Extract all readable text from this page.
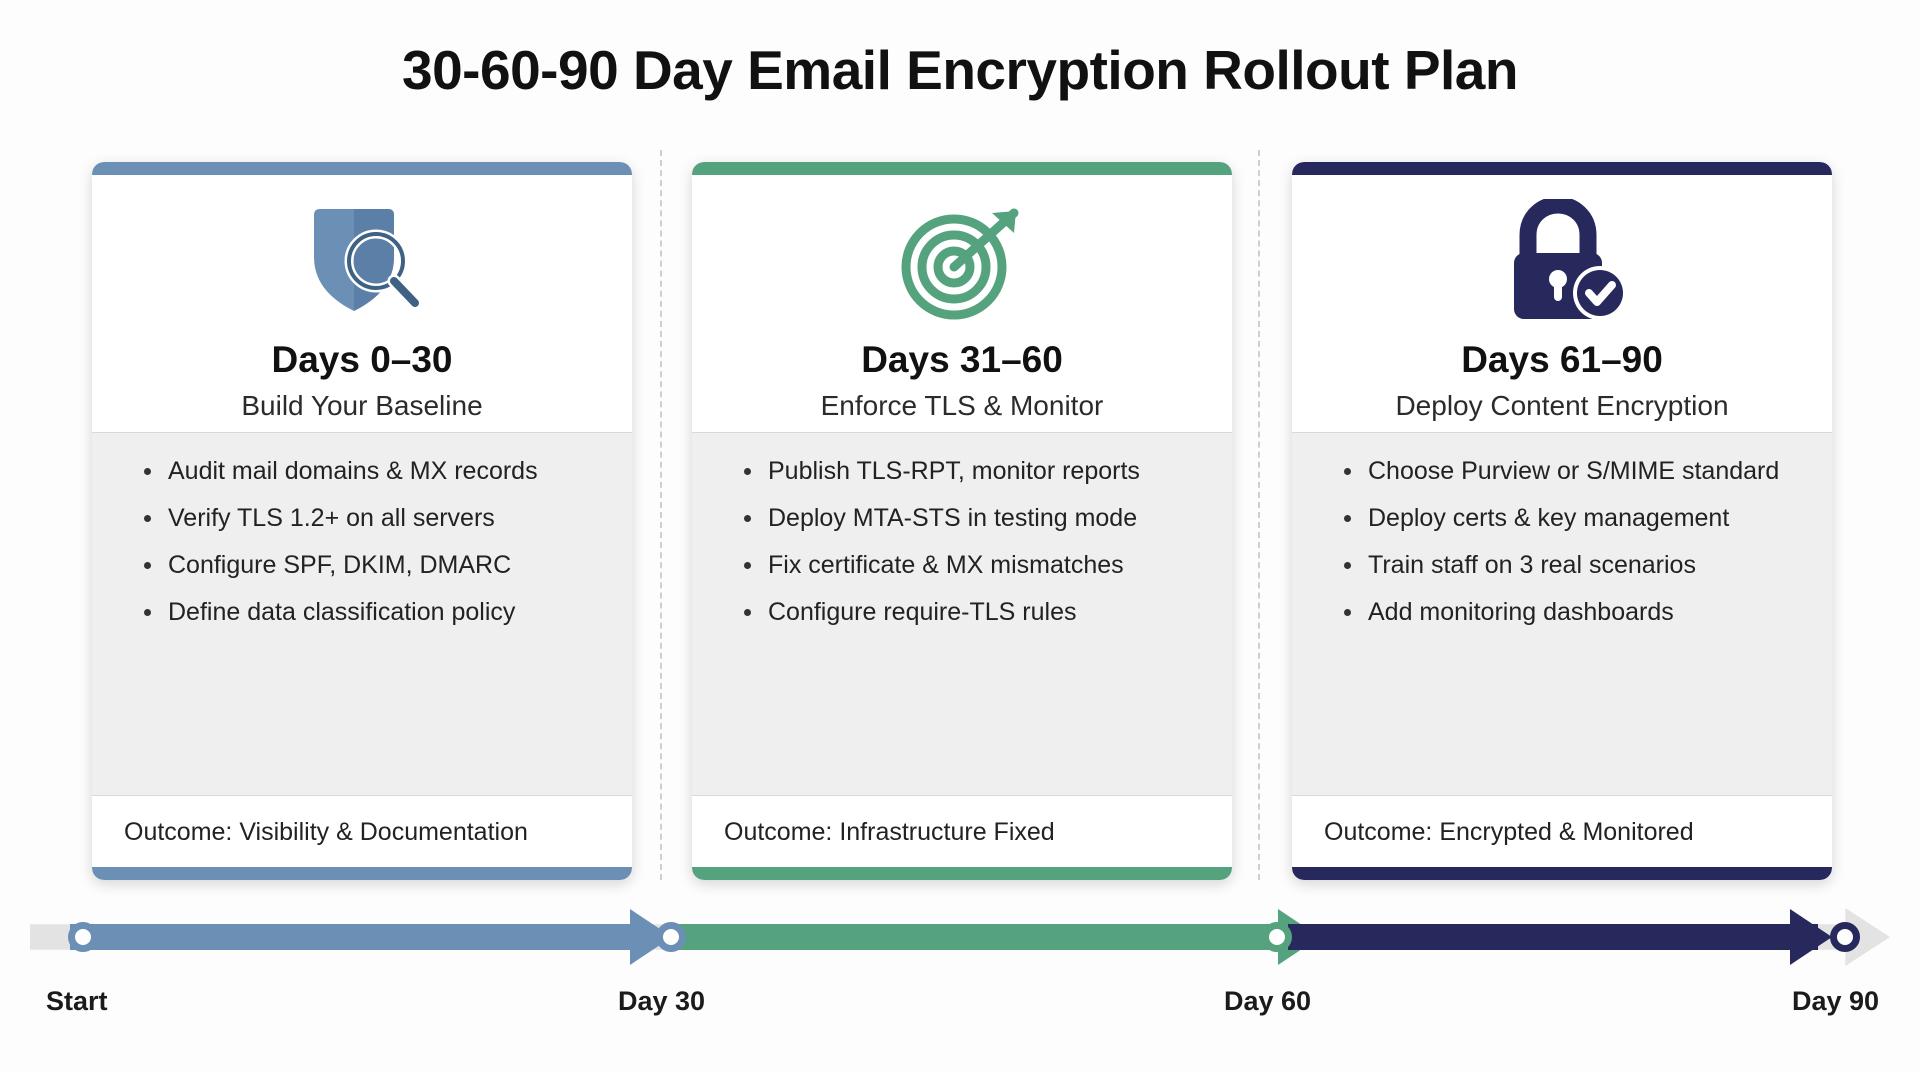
30-60-90 Day Email Encryption Rollout Plan
Days 0–30
Build Your Baseline
Audit mail domains & MX records
Verify TLS 1.2+ on all servers
Configure SPF, DKIM, DMARC
Define data classification policy
Outcome: Visibility & Documentation
Days 31–60
Enforce TLS & Monitor
Publish TLS-RPT, monitor reports
Deploy MTA-STS in testing mode
Fix certificate & MX mismatches
Configure require-TLS rules
Outcome: Infrastructure Fixed
Days 61–90
Deploy Content Encryption
Choose Purview or S/MIME standard
Deploy certs & key management
Train staff on 3 real scenarios
Add monitoring dashboards
Outcome: Encrypted & Monitored
Start	Day 30	Day 60	Day 90
